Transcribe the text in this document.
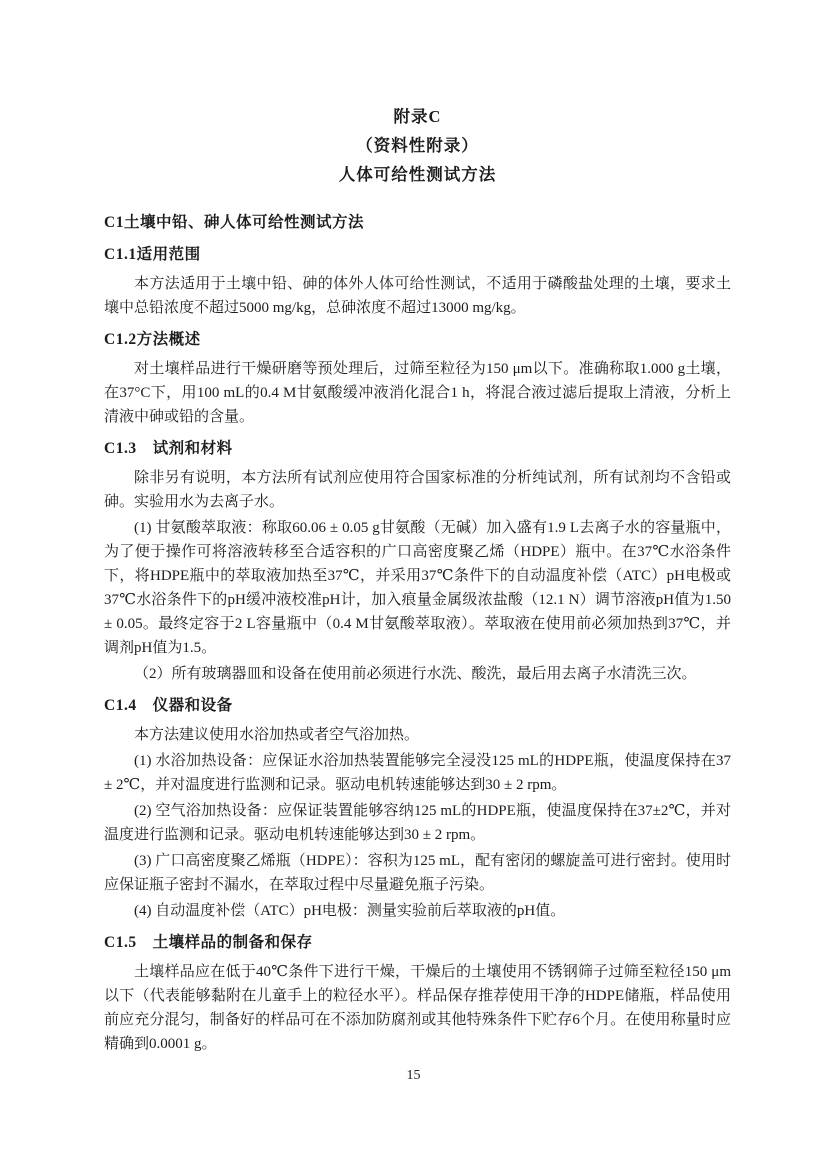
附录C
（资料性附录）
人体可给性测试方法
C1土壤中铅、砷人体可给性测试方法
C1.1适用范围

本方法适用于土壤中铅、砷的体外人体可给性测试，不适用于磷酸盐处理的土壤，要求土壤中总铅浓度不超过5000 mg/kg，总砷浓度不超过13000 mg/kg。

C1.2方法概述

对土壤样品进行干燥研磨等预处理后，过筛至粒径为150 μm以下。准确称取1.000 g土壤，在37°C下，用100 mL的0.4 M甘氨酸缓冲液消化混合1 h，将混合液过滤后提取上清液，分析上清液中砷或铅的含量。

C1.3　试剂和材料

除非另有说明，本方法所有试剂应使用符合国家标准的分析纯试剂，所有试剂均不含铅或砷。实验用水为去离子水。

(1) 甘氨酸萃取液：称取60.06 ± 0.05 g甘氨酸（无碱）加入盛有1.9 L去离子水的容量瓶中，为了便于操作可将溶液转移至合适容积的广口高密度聚乙烯（HDPE）瓶中。在37℃水浴条件下，将HDPE瓶中的萃取液加热至37℃，并采用37℃条件下的自动温度补偿（ATC）pH电极或37℃水浴条件下的pH缓冲液校准pH计，加入痕量金属级浓盐酸（12.1 N）调节溶液pH值为1.50 ± 0.05。最终定容于2 L容量瓶中（0.4 M甘氨酸萃取液）。萃取液在使用前必须加热到37℃，并调剂pH值为1.5。

（2）所有玻璃器皿和设备在使用前必须进行水洗、酸洗，最后用去离子水清洗三次。

C1.4　仪器和设备

本方法建议使用水浴加热或者空气浴加热。

(1) 水浴加热设备：应保证水浴加热装置能够完全浸没125 mL的HDPE瓶，使温度保持在37 ± 2℃，并对温度进行监测和记录。驱动电机转速能够达到30 ± 2 rpm。

(2) 空气浴加热设备：应保证装置能够容纳125 mL的HDPE瓶，使温度保持在37±2℃，并对温度进行监测和记录。驱动电机转速能够达到30 ± 2 rpm。

(3) 广口高密度聚乙烯瓶（HDPE）：容积为125 mL，配有密闭的螺旋盖可进行密封。使用时应保证瓶子密封不漏水，在萃取过程中尽量避免瓶子污染。

(4) 自动温度补偿（ATC）pH电极：测量实验前后萃取液的pH值。

C1.5　土壤样品的制备和保存

土壤样品应在低于40℃条件下进行干燥，干燥后的土壤使用不锈钢筛子过筛至粒径150 μm以下（代表能够黏附在儿童手上的粒径水平）。样品保存推荐使用干净的HDPE储瓶，样品使用前应充分混匀，制备好的样品可在不添加防腐剂或其他特殊条件下贮存6个月。在使用称量时应精确到0.0001 g。

15
